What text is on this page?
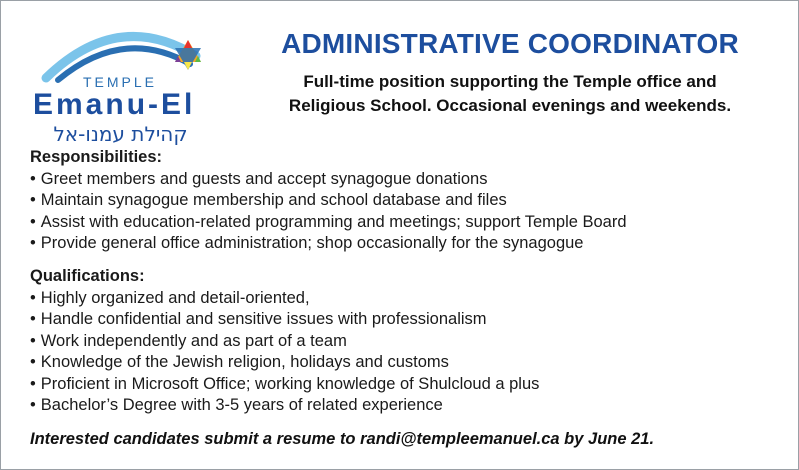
TEMPLE
Emanu-El
קהילת עמנו-אל
ADMINISTRATIVE COORDINATOR
Full-time position supporting the Temple office and
Religious School. Occasional evenings and weekends.
Responsibilities:
• Greet members and guests and accept synagogue donations
• Maintain synagogue membership and school database and files
• Assist with education-related programming and meetings; support Temple Board
• Provide general office administration; shop occasionally for the synagogue
Qualifications:
• Highly organized and detail-oriented,
• Handle confidential and sensitive issues with professionalism
• Work independently and as part of a team
• Knowledge of the Jewish religion, holidays and customs
• Proficient in Microsoft Office; working knowledge of Shulcloud a plus
• Bachelor’s Degree with 3-5 years of related experience
Interested candidates submit a resume to randi@templeemanuel.ca by June 21.
